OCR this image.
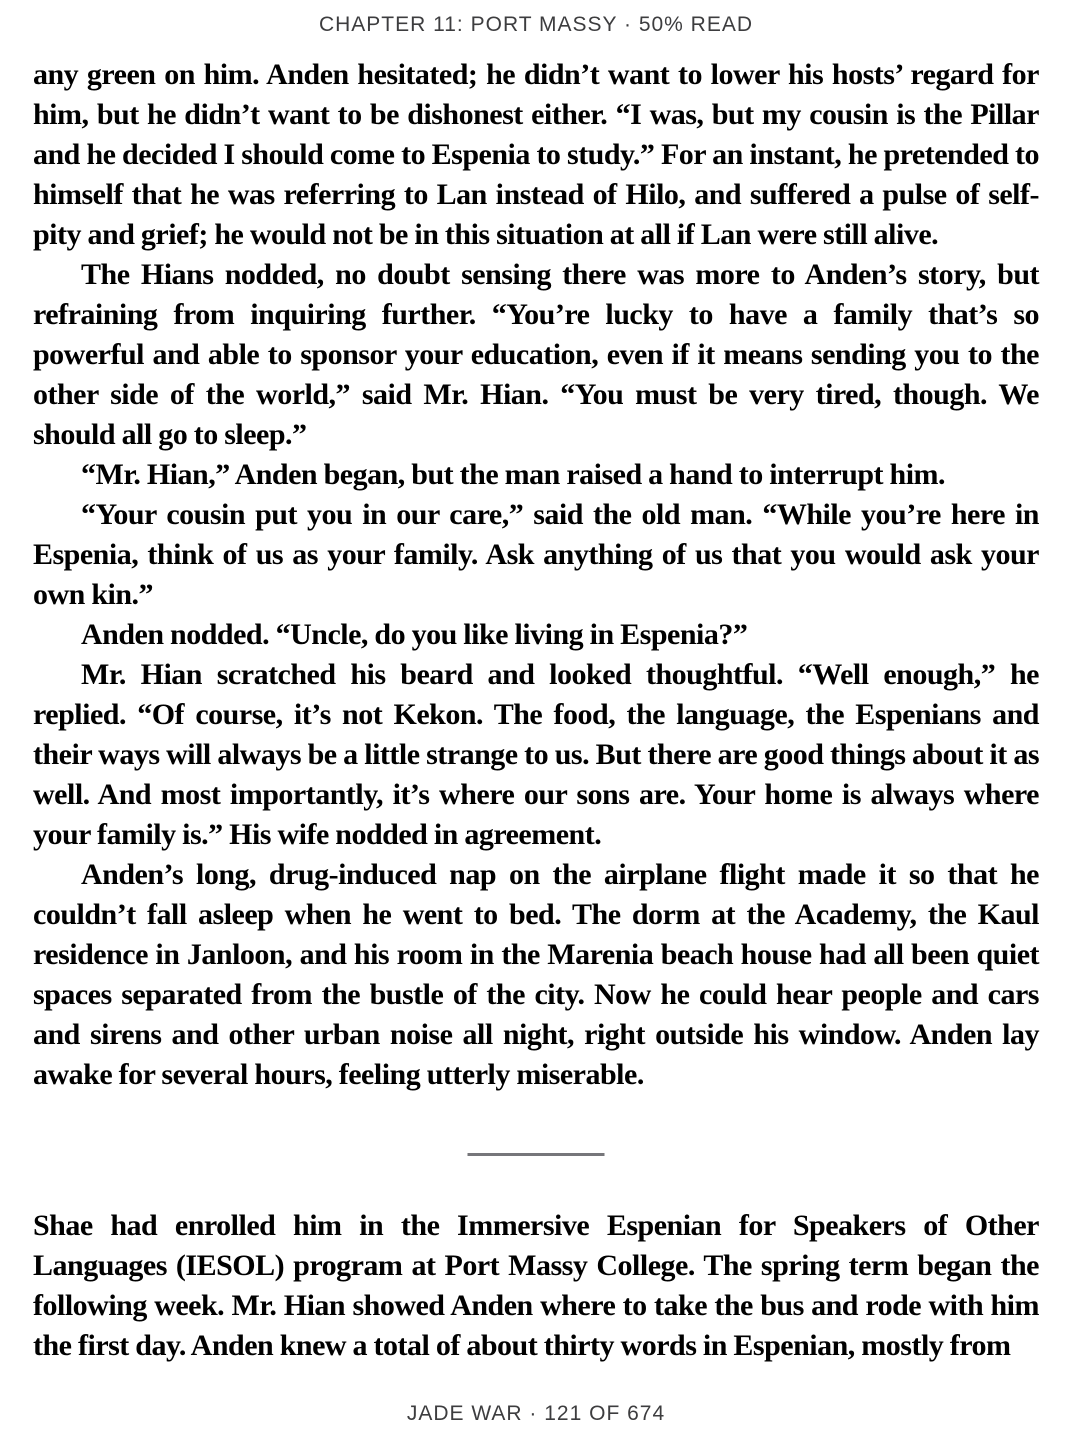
CHAPTER 11: PORT MASSY · 50% READ

any green on him. Anden hesitated; he didn’t want to lower his hosts’ regard for him, but he didn’t want to be dishonest either. “I was, but my cousin is the Pillar and he decided I should come to Espenia to study.” For an instant, he pretended to himself that he was referring to Lan instead of Hilo, and suffered a pulse of self-pity and grief; he would not be in this situation at all if Lan were still alive.

The Hians nodded, no doubt sensing there was more to Anden’s story, but refraining from inquiring further. “You’re lucky to have a family that’s so powerful and able to sponsor your education, even if it means sending you to the other side of the world,” said Mr. Hian. “You must be very tired, though. We should all go to sleep.”

“Mr. Hian,” Anden began, but the man raised a hand to interrupt him.

“Your cousin put you in our care,” said the old man. “While you’re here in Espenia, think of us as your family. Ask anything of us that you would ask your own kin.”

Anden nodded. “Uncle, do you like living in Espenia?”

Mr. Hian scratched his beard and looked thoughtful. “Well enough,” he replied. “Of course, it’s not Kekon. The food, the language, the Espenians and their ways will always be a little strange to us. But there are good things about it as well. And most importantly, it’s where our sons are. Your home is always where your family is.” His wife nodded in agreement.

Anden’s long, drug-induced nap on the airplane flight made it so that he couldn’t fall asleep when he went to bed. The dorm at the Academy, the Kaul residence in Janloon, and his room in the Marenia beach house had all been quiet spaces separated from the bustle of the city. Now he could hear people and cars and sirens and other urban noise all night, right outside his window. Anden lay awake for several hours, feeling utterly miserable.

Shae had enrolled him in the Immersive Espenian for Speakers of Other Languages (IESOL) program at Port Massy College. The spring term began the following week. Mr. Hian showed Anden where to take the bus and rode with him the first day. Anden knew a total of about thirty words in Espenian, mostly from

JADE WAR · 121 OF 674
